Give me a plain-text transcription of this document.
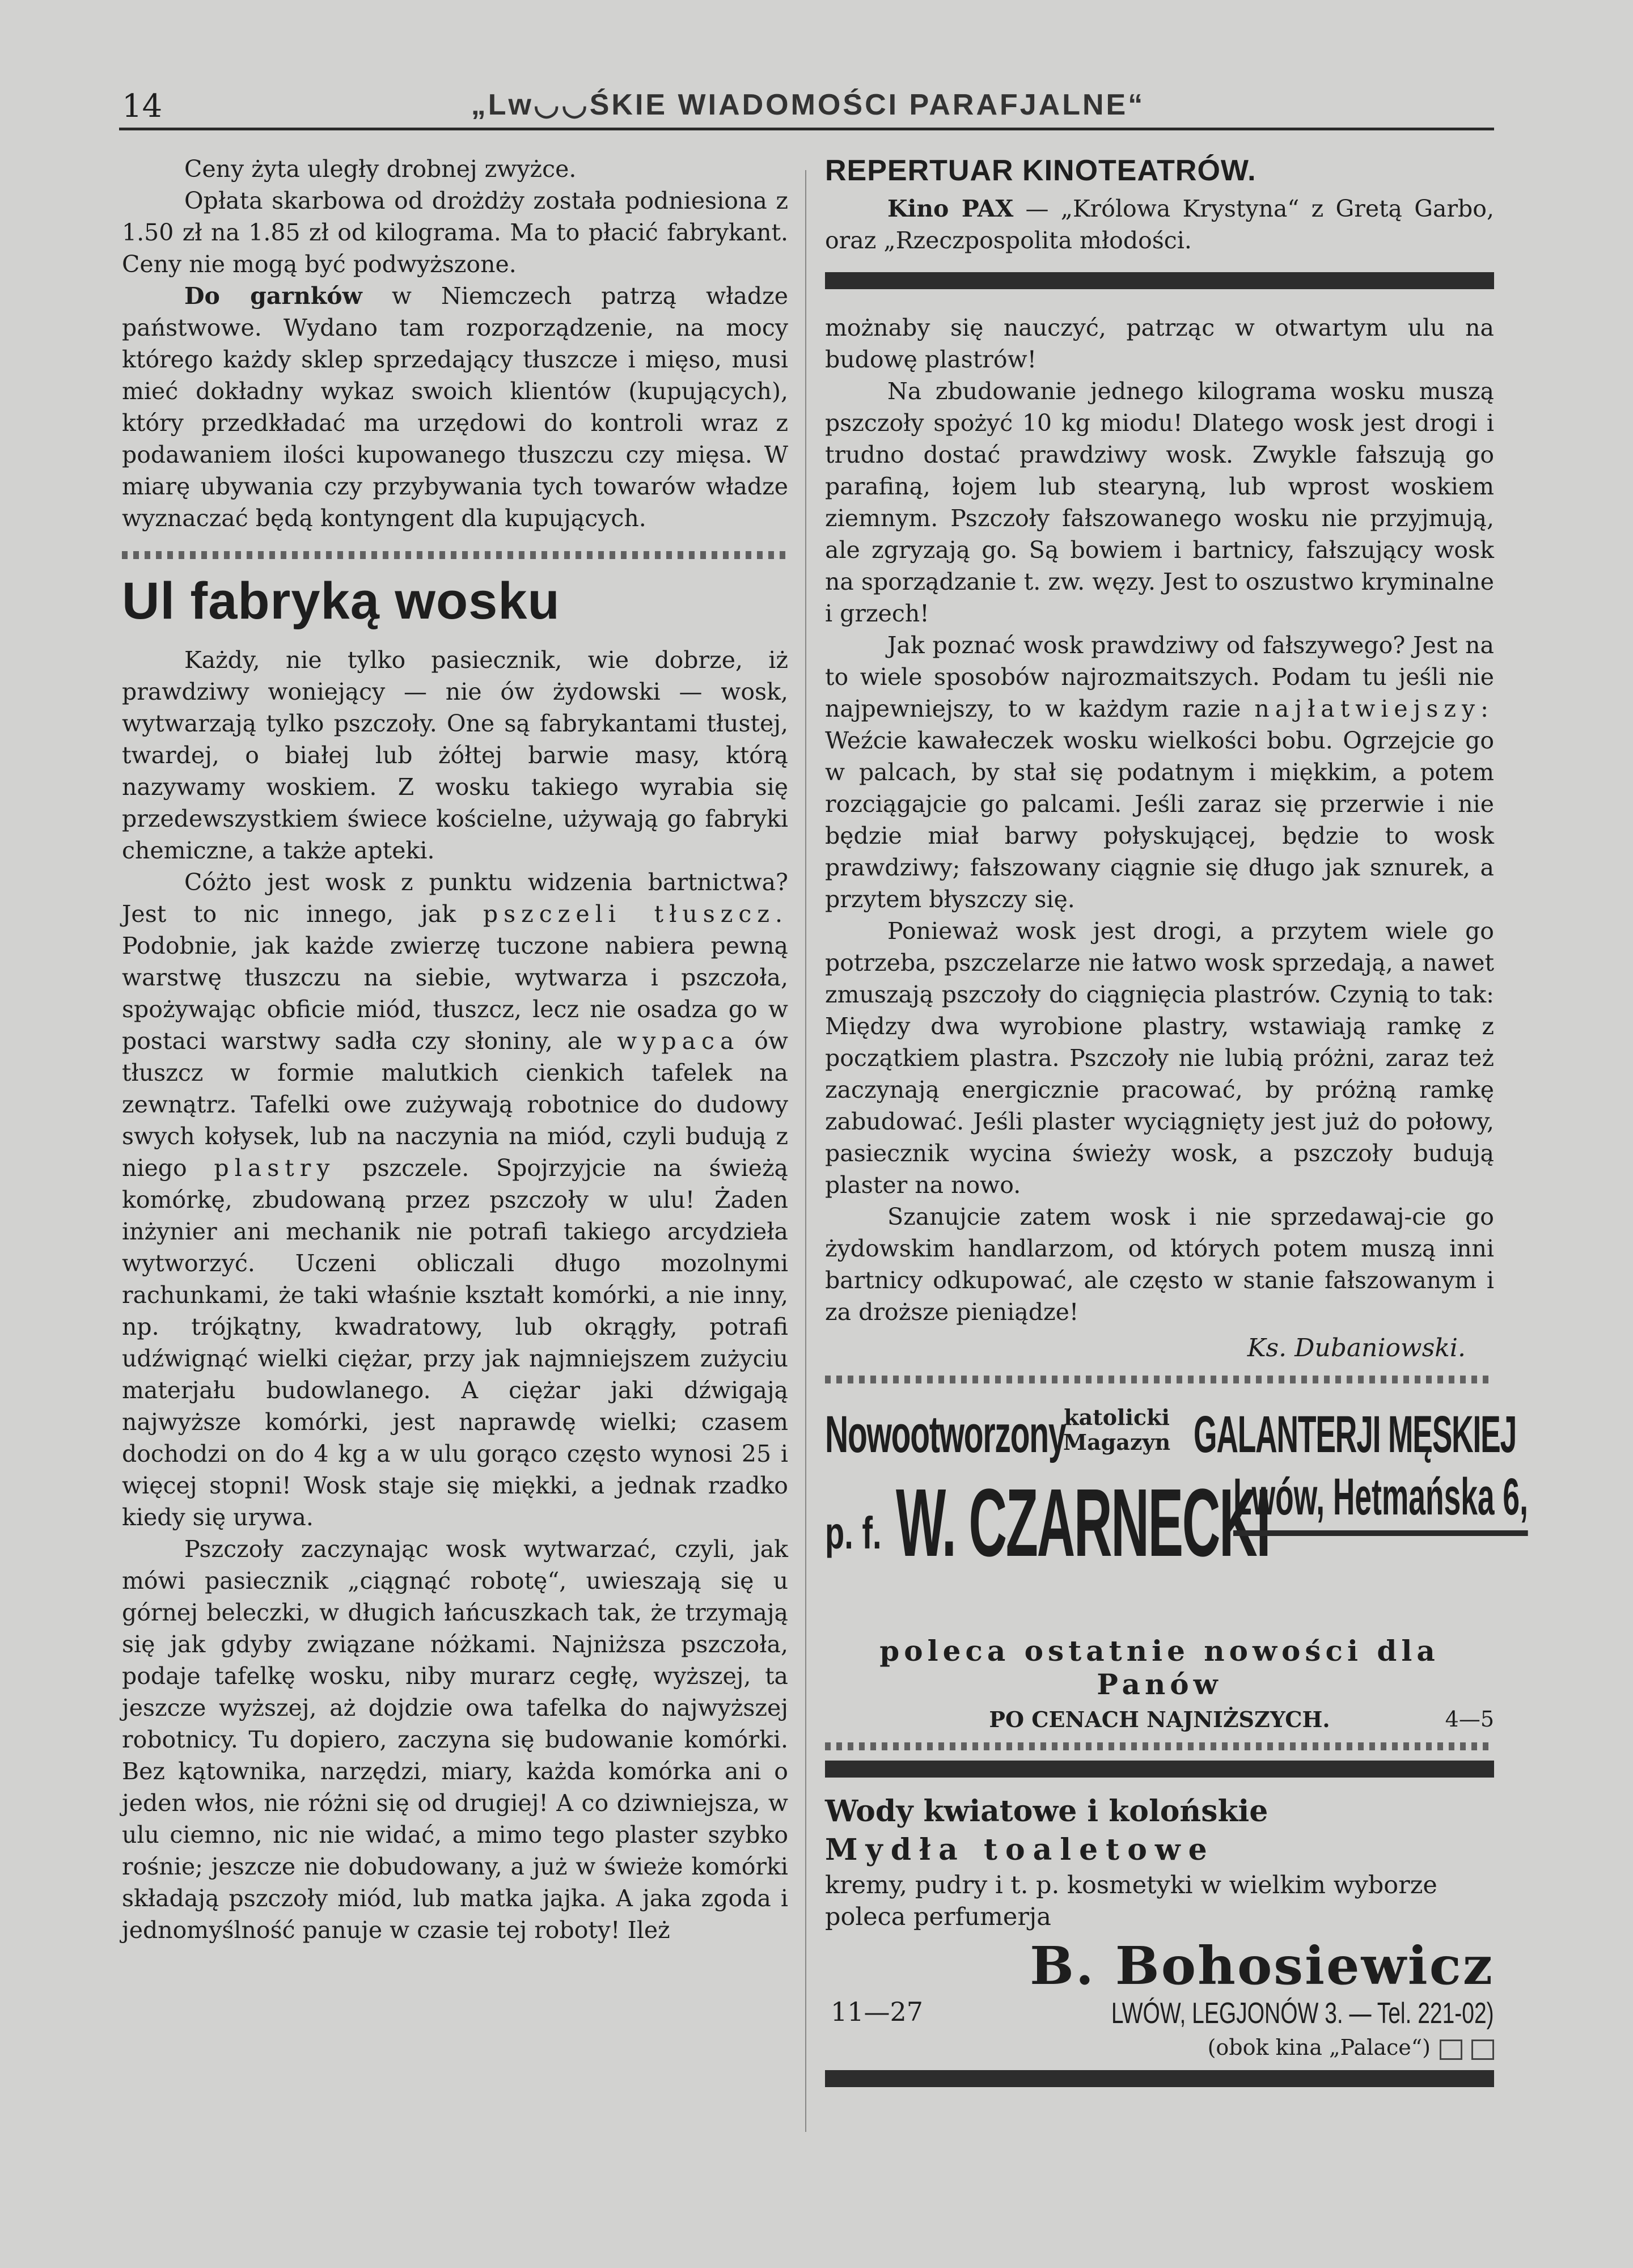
14	„Lw◡◡ŚKIE WIADOMOŚCI PARAFJALNE“

Ceny żyta uległy drobnej zwyżce.

Opłata skarbowa od drożdży została podniesiona z 1.50 zł na 1.85 zł od kilograma. Ma to płacić fabrykant. Ceny nie mogą być podwyższone.

Do garnków w Niemczech patrzą władze państwowe. Wydano tam rozporządzenie, na mocy którego każdy sklep sprzedający tłuszcze i mięso, musi mieć dokładny wykaz swoich klientów (kupujących), który przedkładać ma urzędowi do kontroli wraz z podawaniem ilości kupowanego tłuszczu czy mięsa. W miarę ubywania czy przybywania tych towarów władze wyznaczać będą kontyngent dla kupujących.

Ul fabryką wosku

Każdy, nie tylko pasiecznik, wie dobrze, iż prawdziwy woniejący — nie ów żydowski — wosk, wytwarzają tylko pszczoły. One są fabrykantami tłustej, twardej, o białej lub żółtej barwie masy, którą nazywamy woskiem. Z wosku takiego wyrabia się przedewszystkiem świece kościelne, używają go fabryki chemiczne, a także apteki.

Cóżto jest wosk z punktu widzenia bartnictwa? Jest to nic innego, jak pszczeli tłuszcz. Podobnie, jak każde zwierzę tuczone nabiera pewną warstwę tłuszczu na siebie, wytwarza i pszczoła, spożywając obficie miód, tłuszcz, lecz nie osadza go w postaci warstwy sadła czy słoniny, ale wypaca ów tłuszcz w formie malutkich cienkich tafelek na zewnątrz. Tafelki owe zużywają robotnice do dudowy swych kołysek, lub na naczynia na miód, czyli budują z niego plastry pszczele. Spojrzyjcie na świeżą komórkę, zbudowaną przez pszczoły w ulu! Żaden inżynier ani mechanik nie potrafi takiego arcydzieła wytworzyć. Uczeni obliczali długo mozolnymi rachunkami, że taki właśnie kształt komórki, a nie inny, np. trójkątny, kwadratowy, lub okrągły, potrafi udźwignąć wielki ciężar, przy jak najmniejszem zużyciu materjału budowlanego. A ciężar jaki dźwigają najwyższe komórki, jest naprawdę wielki; czasem dochodzi on do 4 kg a w ulu gorąco często wynosi 25 i więcej stopni! Wosk staje się miękki, a jednak rzadko kiedy się urywa.

Pszczoły zaczynając wosk wytwarzać, czyli, jak mówi pasiecznik „ciągnąć robotę“, uwieszają się u górnej beleczki, w długich łańcuszkach tak, że trzymają się jak gdyby związane nóżkami. Najniższa pszczoła, podaje tafelkę wosku, niby murarz cegłę, wyższej, ta jeszcze wyższej, aż dojdzie owa tafelka do najwyższej robotnicy. Tu dopiero, zaczyna się budowanie komórki. Bez kątownika, narzędzi, miary, każda komórka ani o jeden włos, nie różni się od drugiej! A co dziwniejsza, w ulu ciemno, nic nie widać, a mimo tego plaster szybko rośnie; jeszcze nie dobudowany, a już w świeże komórki składają pszczoły miód, lub matka jajka. A jaka zgoda i jednomyślność panuje w czasie tej roboty! Ileż

REPERTUAR KINOTEATRÓW.

Kino PAX — „Królowa Krystyna“ z Gretą Garbo, oraz „Rzeczpospolita młodości.

możnaby się nauczyć, patrząc w otwartym ulu na budowę plastrów!

Na zbudowanie jednego kilograma wosku muszą pszczoły spożyć 10 kg miodu! Dlatego wosk jest drogi i trudno dostać prawdziwy wosk. Zwykle fałszują go parafiną, łojem lub stearyną, lub wprost woskiem ziemnym. Pszczoły fałszowanego wosku nie przyjmują, ale zgryzają go. Są bowiem i bartnicy, fałszujący wosk na sporządzanie t. zw. węzy. Jest to oszustwo kryminalne i grzech!

Jak poznać wosk prawdziwy od fałszywego? Jest na to wiele sposobów najrozmaitszych. Podam tu jeśli nie najpewniejszy, to w każdym razie najłatwiejszy: Weźcie kawałeczek wosku wielkości bobu. Ogrzejcie go w palcach, by stał się podatnym i miękkim, a potem rozciągajcie go palcami. Jeśli zaraz się przerwie i nie będzie miał barwy połyskującej, będzie to wosk prawdziwy; fałszowany ciągnie się długo jak sznurek, a przytem błyszczy się.

Ponieważ wosk jest drogi, a przytem wiele go potrzeba, pszczelarze nie łatwo wosk sprzedają, a nawet zmuszają pszczoły do ciągnięcia plastrów. Czynią to tak: Między dwa wyrobione plastry, wstawiają ramkę z początkiem plastra. Pszczoły nie lubią próżni, zaraz też zaczynają energicznie pracować, by próżną ramkę zabudować. Jeśli plaster wyciągnięty jest już do połowy, pasiecznik wycina świeży wosk, a pszczoły budują plaster na nowo.

Szanujcie zatem wosk i nie sprzedawaj-cie go żydowskim handlarzom, od których potem muszą inni bartnicy odkupować, ale często w stanie fałszowanym i za droższe pieniądze!

Ks. Dubaniowski.
Nowootworzony
katolicki
Magazyn GALANTERJI MĘSKIEJ
p. f. W. CZARNECKI
Lwów, Hetmańska 6,
poleca ostatnie nowości dla Panów
PO CENACH NAJNIŻSZYCH.	4—5

Wody kwiatowe i kolońskie

Mydła toaletowe

kremy, pudry i t. p. kosmetyki w wielkim wyborze poleca perfumerja

B. Bohosiewicz
11—27	LWÓW, LEGJONÓW 3. — Tel. 221-02)
(obok kina „Palace“)
